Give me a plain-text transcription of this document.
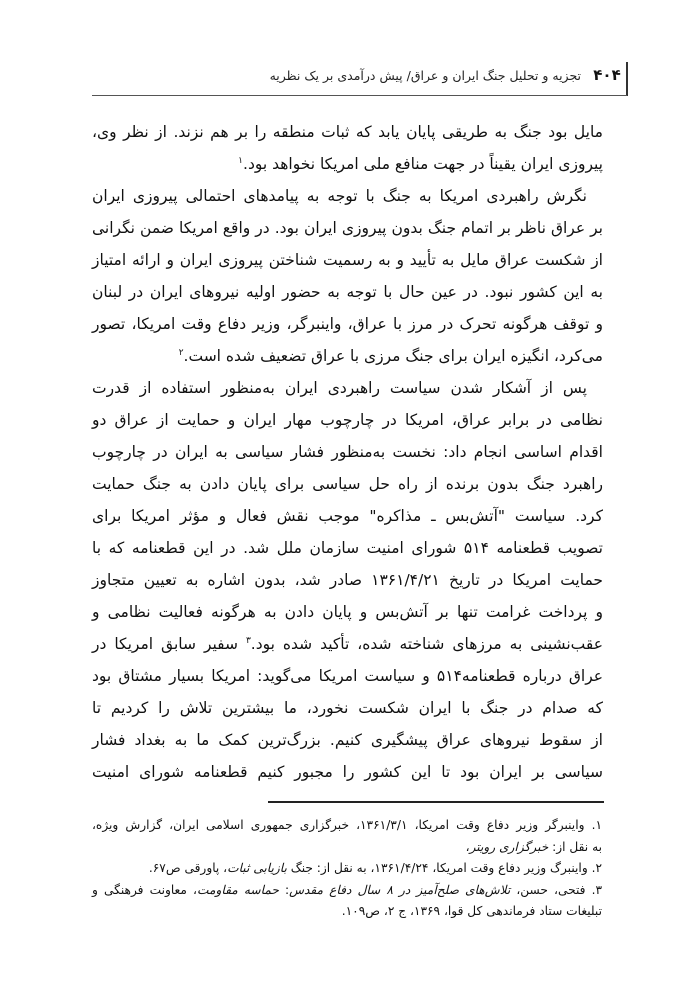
۴۰۴
تجزیه و تحلیل جنگ ایران و عراق/ پیش درآمدی بر یک نظریه
مایل بود جنگ به طریقی پایان یابد که ثبات منطقه را بر هم نزند. از نظر وی،
پیروزی ایران یقیناً در جهت منافع ملی امریکا نخواهد بود.$^۱$
نگرش راهبردی امریکا به جنگ با توجه به پیامدهای احتمالی پیروزی ایران
بر عراق ناظر بر اتمام جنگ بدون پیروزی ایران بود. در واقع امریکا ضمن نگرانی
از شکست عراق مایل به تأیید و به رسمیت شناختن پیروزی ایران و ارائه امتیاز
به این کشور نبود. در عین حال با توجه به حضور اولیه نیروهای ایران در لبنان
و توقف هرگونه تحرک در مرز با عراق، واینبرگر، وزیر دفاع وقت امریکا، تصور
می‌کرد، انگیزه ایران برای جنگ مرزی با عراق تضعیف شده است.$^۲$
پس از آشکار شدن سیاست راهبردی ایران به‌منظور استفاده از قدرت
نظامی در برابر عراق، امریکا در چارچوب مهار ایران و حمایت از عراق دو
اقدام اساسی انجام داد: نخست به‌منظور فشار سیاسی به ایران در چارچوب
راهبرد جنگ بدون برنده از راه حل سیاسی برای پایان دادن به جنگ حمایت
کرد. سیاست "آتش‌بس ـ مذاکره" موجب نقش فعال و مؤثر امریکا برای
تصویب قطعنامه ۵۱۴ شورای امنیت سازمان ملل شد. در این قطعنامه که با
حمایت امریکا در تاریخ ۱۳۶۱/۴/۲۱ صادر شد، بدون اشاره به تعیین متجاوز
و پرداخت غرامت تنها بر آتش‌بس و پایان دادن به هرگونه فعالیت نظامی و
عقب‌نشینی به مرزهای شناخته شده، تأکید شده بود.$^۳$ سفیر سابق امریکا در
عراق درباره قطعنامه۵۱۴ و سیاست امریکا می‌گوید: امریکا بسیار مشتاق بود
که صدام در جنگ با ایران شکست نخورد، ما بیشترین تلاش را کردیم تا
از سقوط نیروهای عراق پیشگیری کنیم. بزرگ‌ترین کمک ما به بغداد فشار
سیاسی بر ایران بود تا این کشور را مجبور کنیم قطعنامه شورای امنیت
۱. واینبرگر وزیر دفاع وقت امریکا، ۱۳۶۱/۳/۱، خبرگزاری جمهوری اسلامی ایران، گزارش ویژه،
به نقل از: خبرگزاری رویتر،
۲. واینبرگ وزیر دفاع وقت امریکا، ۱۳۶۱/۴/۲۴، به نقل از: جنگ بازیابی ثبات، پاورقی ص۶۷.
۳. فتحی، حسن، تلاش‌های صلح‌آمیز در ۸ سال دفاع مقدس: حماسه مقاومت، معاونت فرهنگی و
تبلیغات ستاد فرماندهی کل قوا، ۱۳۶۹، ج ۲، ص۱۰۹.
